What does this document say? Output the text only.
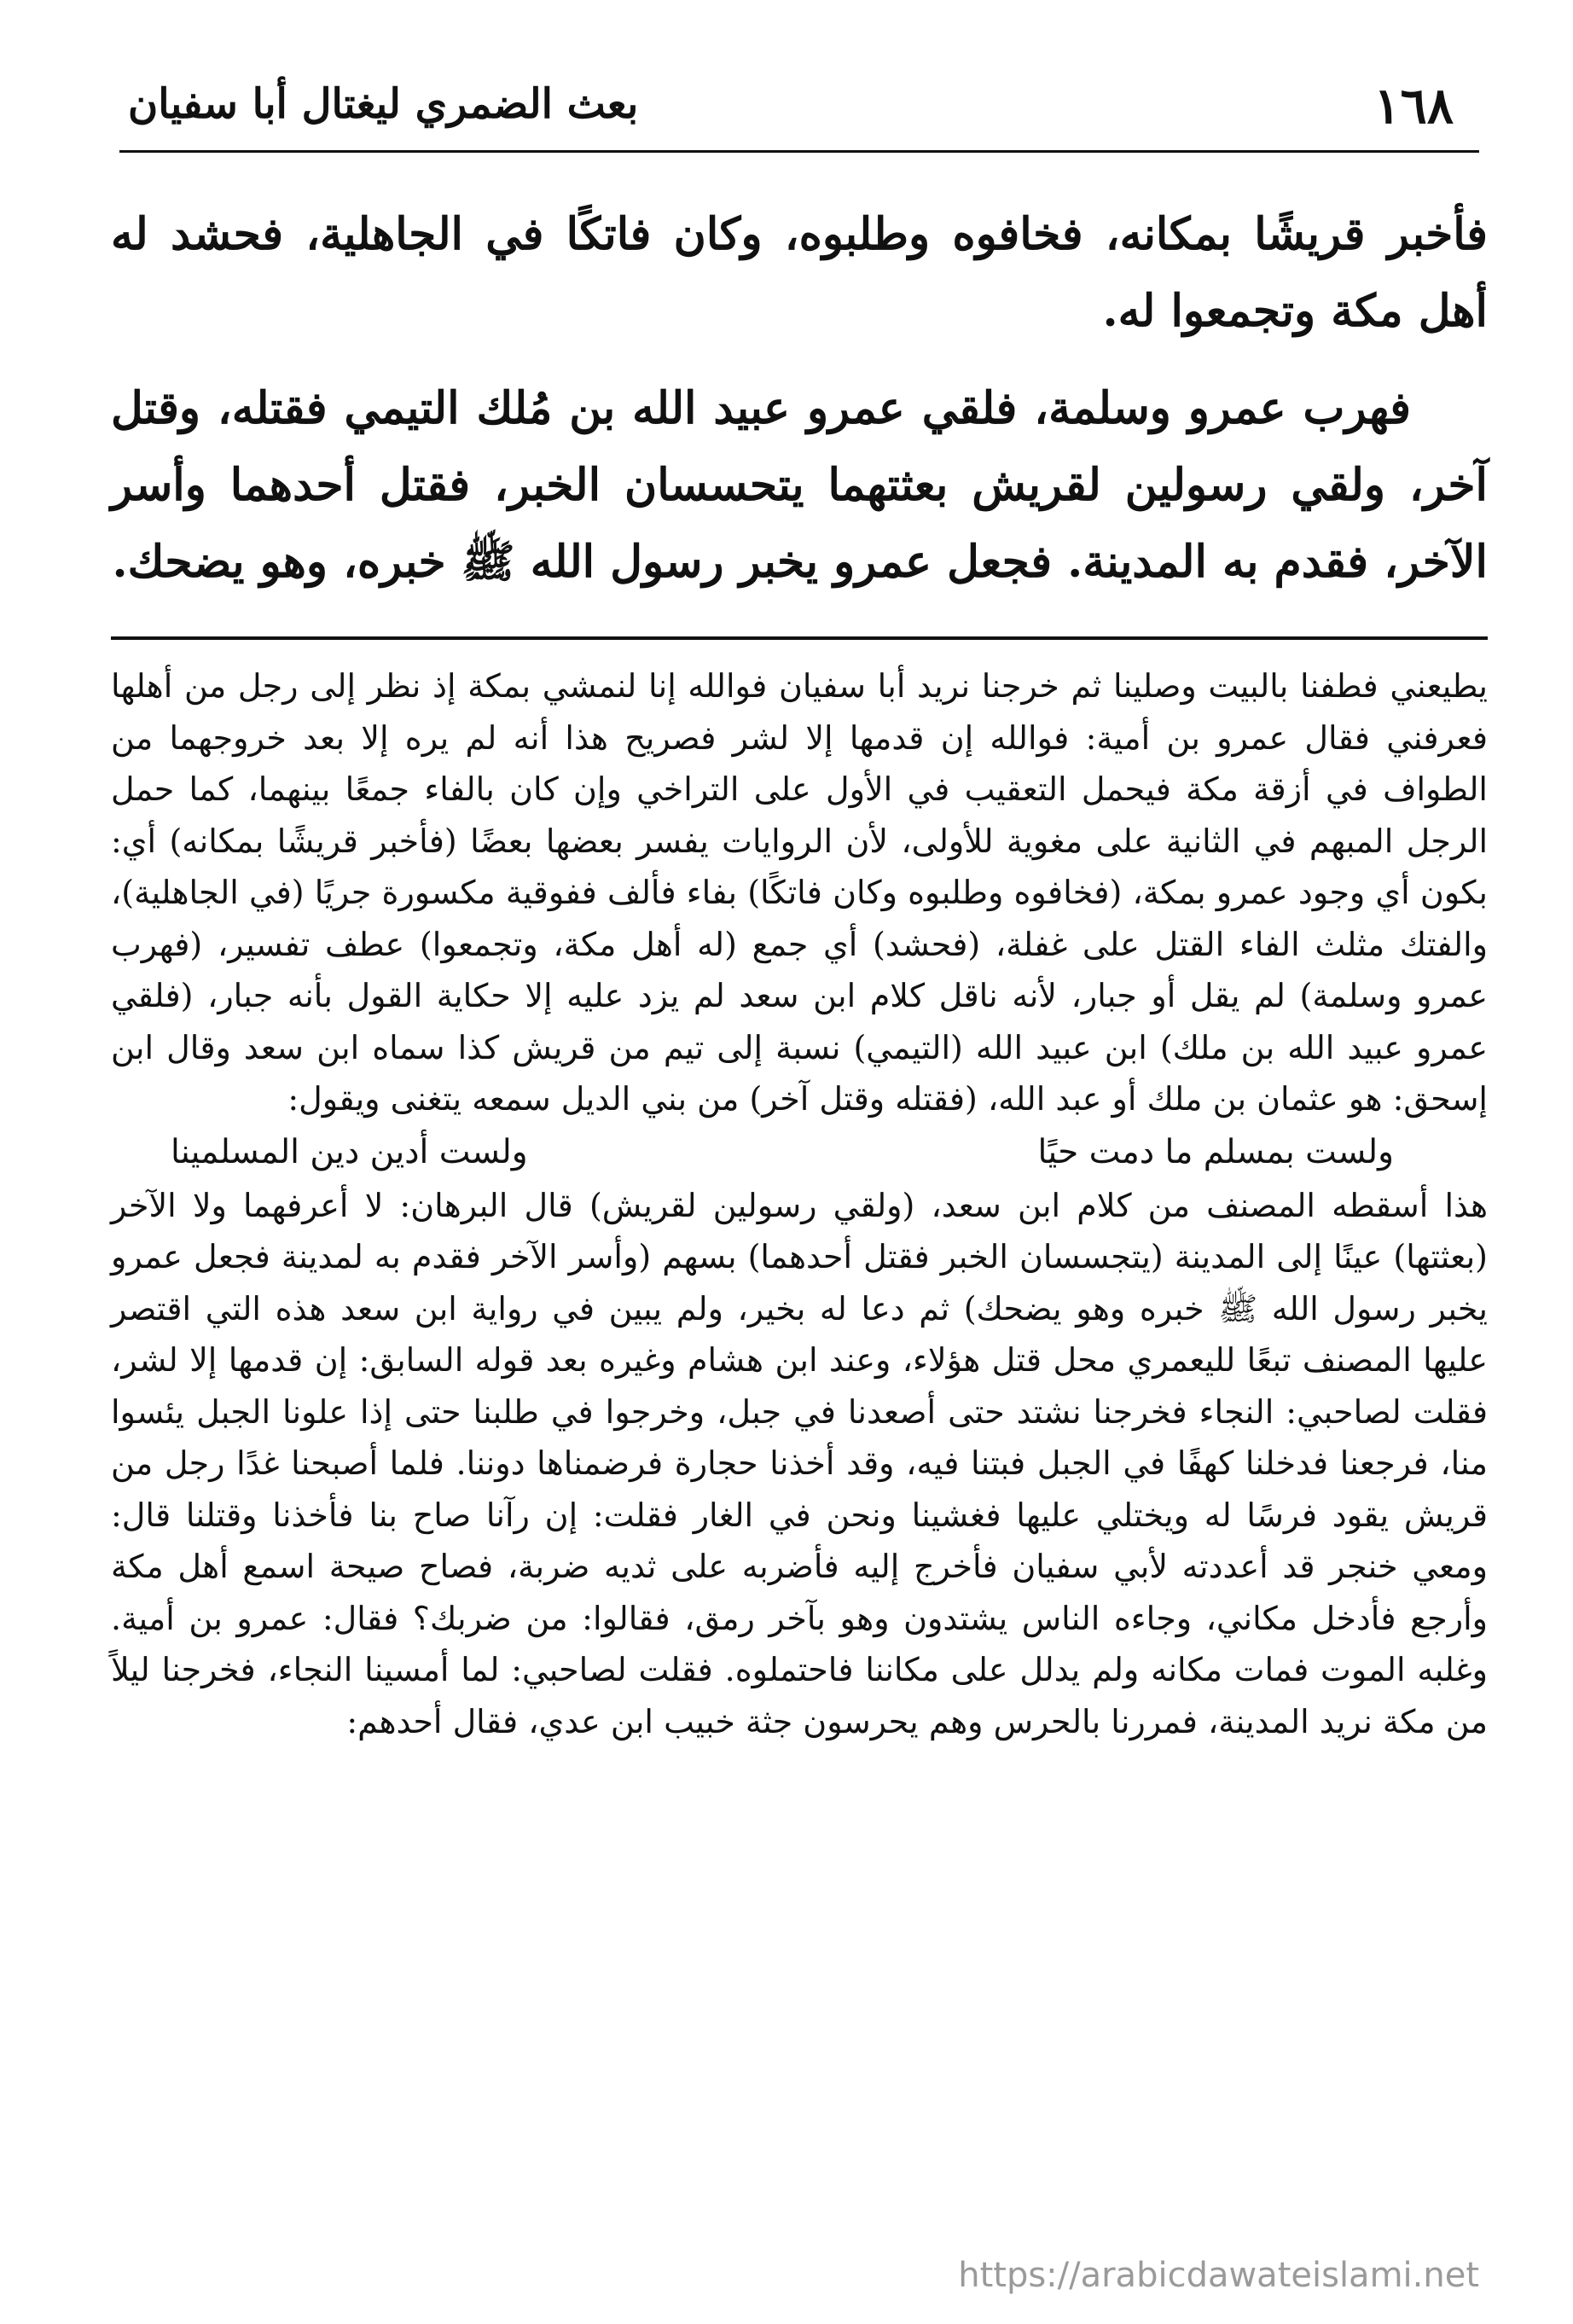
١٦٨
بعث الضمري ليغتال أبا سفيان

فأخبر قريشًا بمكانه، فخافوه وطلبوه، وكان فاتكًا في الجاهلية، فحشد له أهل مكة وتجمعوا له.

فهرب عمرو وسلمة، فلقي عمرو عبيد الله بن مُلك التيمي فقتله، وقتل آخر، ولقي رسولين لقريش بعثتهما يتحسسان الخبر، فقتل أحدهما وأسر الآخر، فقدم به المدينة. فجعل عمرو يخبر رسول الله ﷺ خبره، وهو يضحك.

يطيعني فطفنا بالبيت وصلينا ثم خرجنا نريد أبا سفيان فوالله إنا لنمشي بمكة إذ نظر إلى رجل من أهلها فعرفني فقال عمرو بن أمية: فوالله إن قدمها إلا لشر فصريح هذا أنه لم يره إلا بعد خروجهما من الطواف في أزقة مكة فيحمل التعقيب في الأول على التراخي وإن كان بالفاء جمعًا بينهما، كما حمل الرجل المبهم في الثانية على مغوية للأولى، لأن الروايات يفسر بعضها بعضًا (فأخبر قريشًا بمكانه) أي: بكون أي وجود عمرو بمكة، (فخافوه وطلبوه وكان فاتكًا) بفاء فألف ففوقية مكسورة جريًا (في الجاهلية)، والفتك مثلث الفاء القتل على غفلة، (فحشد) أي جمع (له أهل مكة، وتجمعوا) عطف تفسير، (فهرب عمرو وسلمة) لم يقل أو جبار، لأنه ناقل كلام ابن سعد لم يزد عليه إلا حكاية القول بأنه جبار، (فلقي عمرو عبيد الله بن ملك) ابن عبيد الله (التيمي) نسبة إلى تيم من قريش كذا سماه ابن سعد وقال ابن إسحق: هو عثمان بن ملك أو عبد الله، (فقتله وقتل آخر) من بني الديل سمعه يتغنى ويقول:

ولست بمسلم ما دمت حيًا
ولست أدين دين المسلمينا

هذا أسقطه المصنف من كلام ابن سعد، (ولقي رسولين لقريش) قال البرهان: لا أعرفهما ولا الآخر (بعثتها) عينًا إلى المدينة (يتجسسان الخبر فقتل أحدهما) بسهم (وأسر الآخر فقدم به لمدينة فجعل عمرو يخبر رسول الله ﷺ خبره وهو يضحك) ثم دعا له بخير، ولم يبين في رواية ابن سعد هذه التي اقتصر عليها المصنف تبعًا لليعمري محل قتل هؤلاء، وعند ابن هشام وغيره بعد قوله السابق: إن قدمها إلا لشر، فقلت لصاحبي: النجاء فخرجنا نشتد حتى أصعدنا في جبل، وخرجوا في طلبنا حتى إذا علونا الجبل يئسوا منا، فرجعنا فدخلنا كهفًا في الجبل فبتنا فيه، وقد أخذنا حجارة فرضمناها دوننا. فلما أصبحنا غدًا رجل من قريش يقود فرسًا له ويختلي عليها فغشينا ونحن في الغار فقلت: إن رآنا صاح بنا فأخذنا وقتلنا قال: ومعي خنجر قد أعددته لأبي سفيان فأخرج إليه فأضربه على ثديه ضربة، فصاح صيحة اسمع أهل مكة وأرجع فأدخل مكاني، وجاءه الناس يشتدون وهو بآخر رمق، فقالوا: من ضربك؟ فقال: عمرو بن أمية. وغلبه الموت فمات مكانه ولم يدلل على مكاننا فاحتملوه. فقلت لصاحبي: لما أمسينا النجاء، فخرجنا ليلاً من مكة نريد المدينة، فمررنا بالحرس وهم يحرسون جثة خبيب ابن عدي، فقال أحدهم:

https://arabicdawateislami.net
